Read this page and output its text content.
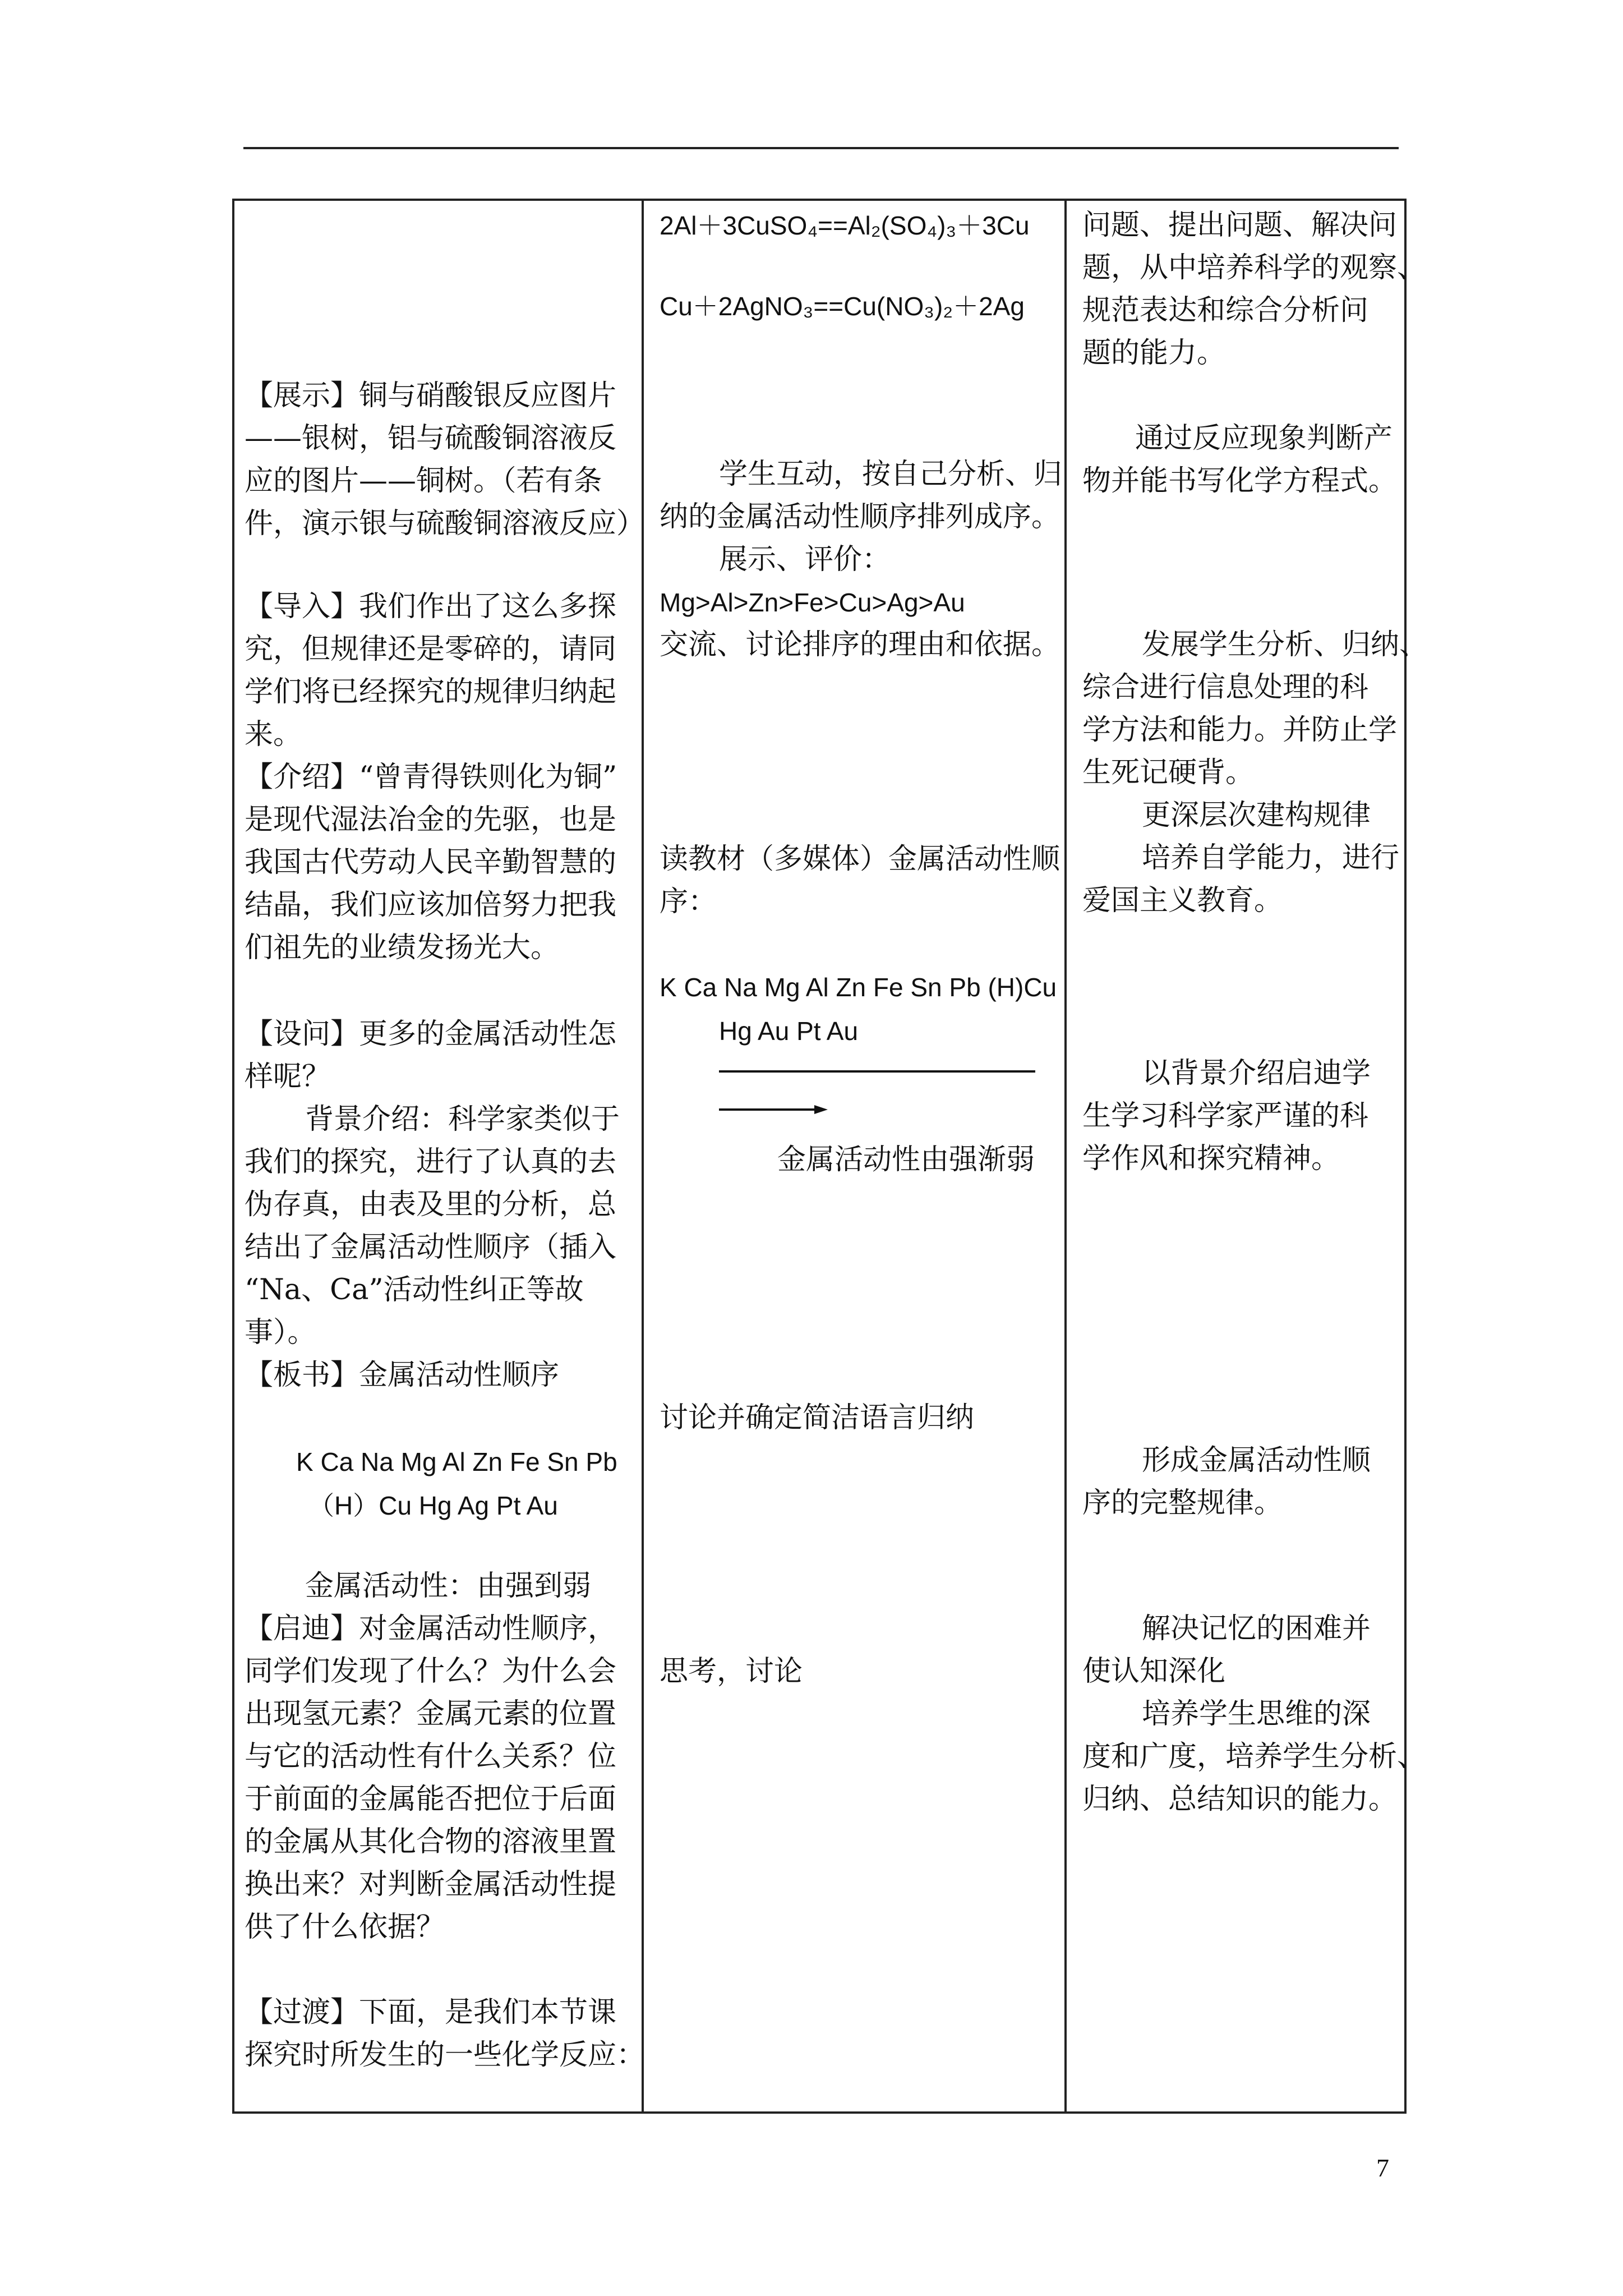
【展示】铜与硝酸银反应图片
——银树，铝与硫酸铜溶液反
应的图片——铜树。（若有条
件，演示银与硫酸铜溶液反应）
【导入】我们作出了这么多探
究，但规律还是零碎的，请同
学们将已经探究的规律归纳起
来。
【介绍】“曾青得铁则化为铜”
是现代湿法冶金的先驱，也是
我国古代劳动人民辛勤智慧的
结晶，我们应该加倍努力把我
们祖先的业绩发扬光大。
【设问】更多的金属活动性怎
样呢？
背景介绍：科学家类似于
我们的探究，进行了认真的去
伪存真，由表及里的分析，总
结出了金属活动性顺序（插入
“Na、Ca”活动性纠正等故
事）。
【板书】金属活动性顺序
K Ca Na Mg Al Zn Fe Sn Pb
（H）Cu Hg Ag Pt Au
金属活动性：由强到弱
【启迪】对金属活动性顺序，
同学们发现了什么？为什么会
出现氢元素？金属元素的位置
与它的活动性有什么关系？位
于前面的金属能否把位于后面
的金属从其化合物的溶液里置
换出来？对判断金属活动性提
供了什么依据？
【过渡】下面，是我们本节课
探究时所发生的一些化学反应：
2Al＋3CuSO₄==Al₂(SO₄)₃＋3Cu
Cu＋2AgNO₃==Cu(NO₃)₂＋2Ag
学生互动，按自己分析、归
纳的金属活动性顺序排列成序。
展示、评价：
Mg>Al>Zn>Fe>Cu>Ag>Au
交流、讨论排序的理由和依据。
读教材（多媒体）金属活动性顺
序：
K Ca Na Mg Al Zn Fe Sn Pb (H)Cu
Hg Au Pt Au
金属活动性由强渐弱
讨论并确定简洁语言归纳
思考，讨论
问题、提出问题、解决问
题，从中培养科学的观察、
规范表达和综合分析问
题的能力。
通过反应现象判断产
物并能书写化学方程式。
发展学生分析、归纳、
综合进行信息处理的科
学方法和能力。并防止学
生死记硬背。
更深层次建构规律
培养自学能力，进行
爱国主义教育。
以背景介绍启迪学
生学习科学家严谨的科
学作风和探究精神。
形成金属活动性顺
序的完整规律。
解决记忆的困难并
使认知深化
培养学生思维的深
度和广度，培养学生分析、
归纳、总结知识的能力。
7
